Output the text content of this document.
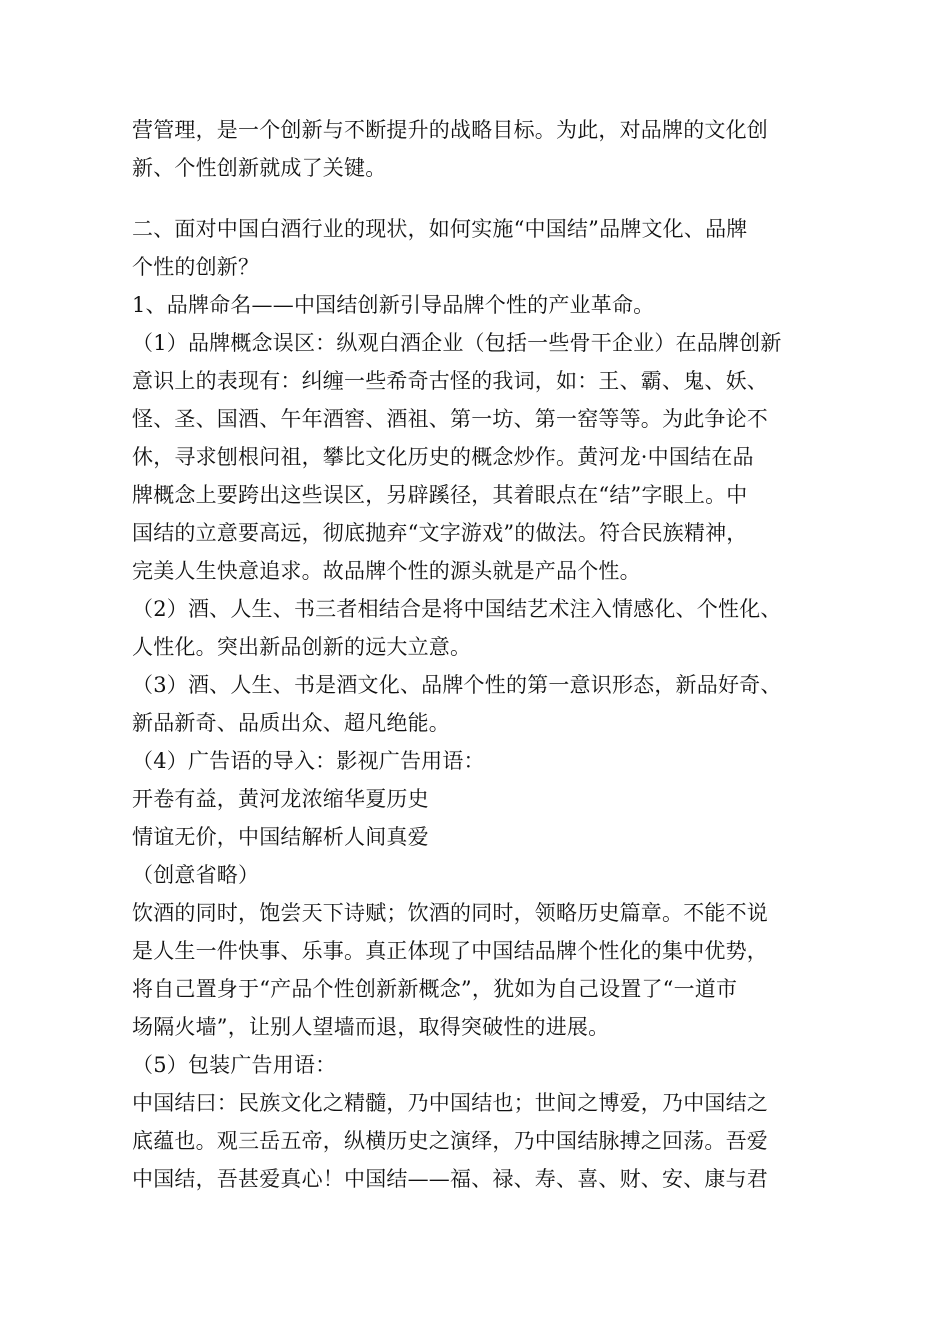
营管理，是一个创新与不断提升的战略目标。为此，对品牌的文化创
新、个性创新就成了关键。
二、面对中国白酒行业的现状，如何实施“中国结”品牌文化、品牌
个性的创新？
1、品牌命名——中国结创新引导品牌个性的产业革命。
（1）品牌概念误区：纵观白酒企业（包括一些骨干企业）在品牌创新
意识上的表现有：纠缠一些希奇古怪的我词，如：王、霸、鬼、妖、
怪、圣、国酒、午年酒窖、酒祖、第一坊、第一窑等等。为此争论不
休，寻求刨根问祖，攀比文化历史的概念炒作。黄河龙·中国结在品
牌概念上要跨出这些误区，另辟蹊径，其着眼点在“结”字眼上。中
国结的立意要高远，彻底抛弃“文字游戏”的做法。符合民族精神，
完美人生快意追求。故品牌个性的源头就是产品个性。
（2）酒、人生、书三者相结合是将中国结艺术注入情感化、个性化、
人性化。突出新品创新的远大立意。
（3）酒、人生、书是酒文化、品牌个性的第一意识形态，新品好奇、
新品新奇、品质出众、超凡绝能。
（4）广告语的导入：影视广告用语：
开卷有益，黄河龙浓缩华夏历史
情谊无价，中国结解析人间真爱
（创意省略）
饮酒的同时，饱尝天下诗赋；饮酒的同时，领略历史篇章。不能不说
是人生一件快事、乐事。真正体现了中国结品牌个性化的集中优势，
将自己置身于“产品个性创新新概念”，犹如为自己设置了“一道市
场隔火墙”，让别人望墙而退，取得突破性的进展。
（5）包装广告用语：
中国结曰：民族文化之精髓，乃中国结也；世间之博爱，乃中国结之
底蕴也。观三岳五帝，纵横历史之演绎，乃中国结脉搏之回荡。吾爱
中国结，吾甚爱真心！中国结——福、禄、寿、喜、财、安、康与君
